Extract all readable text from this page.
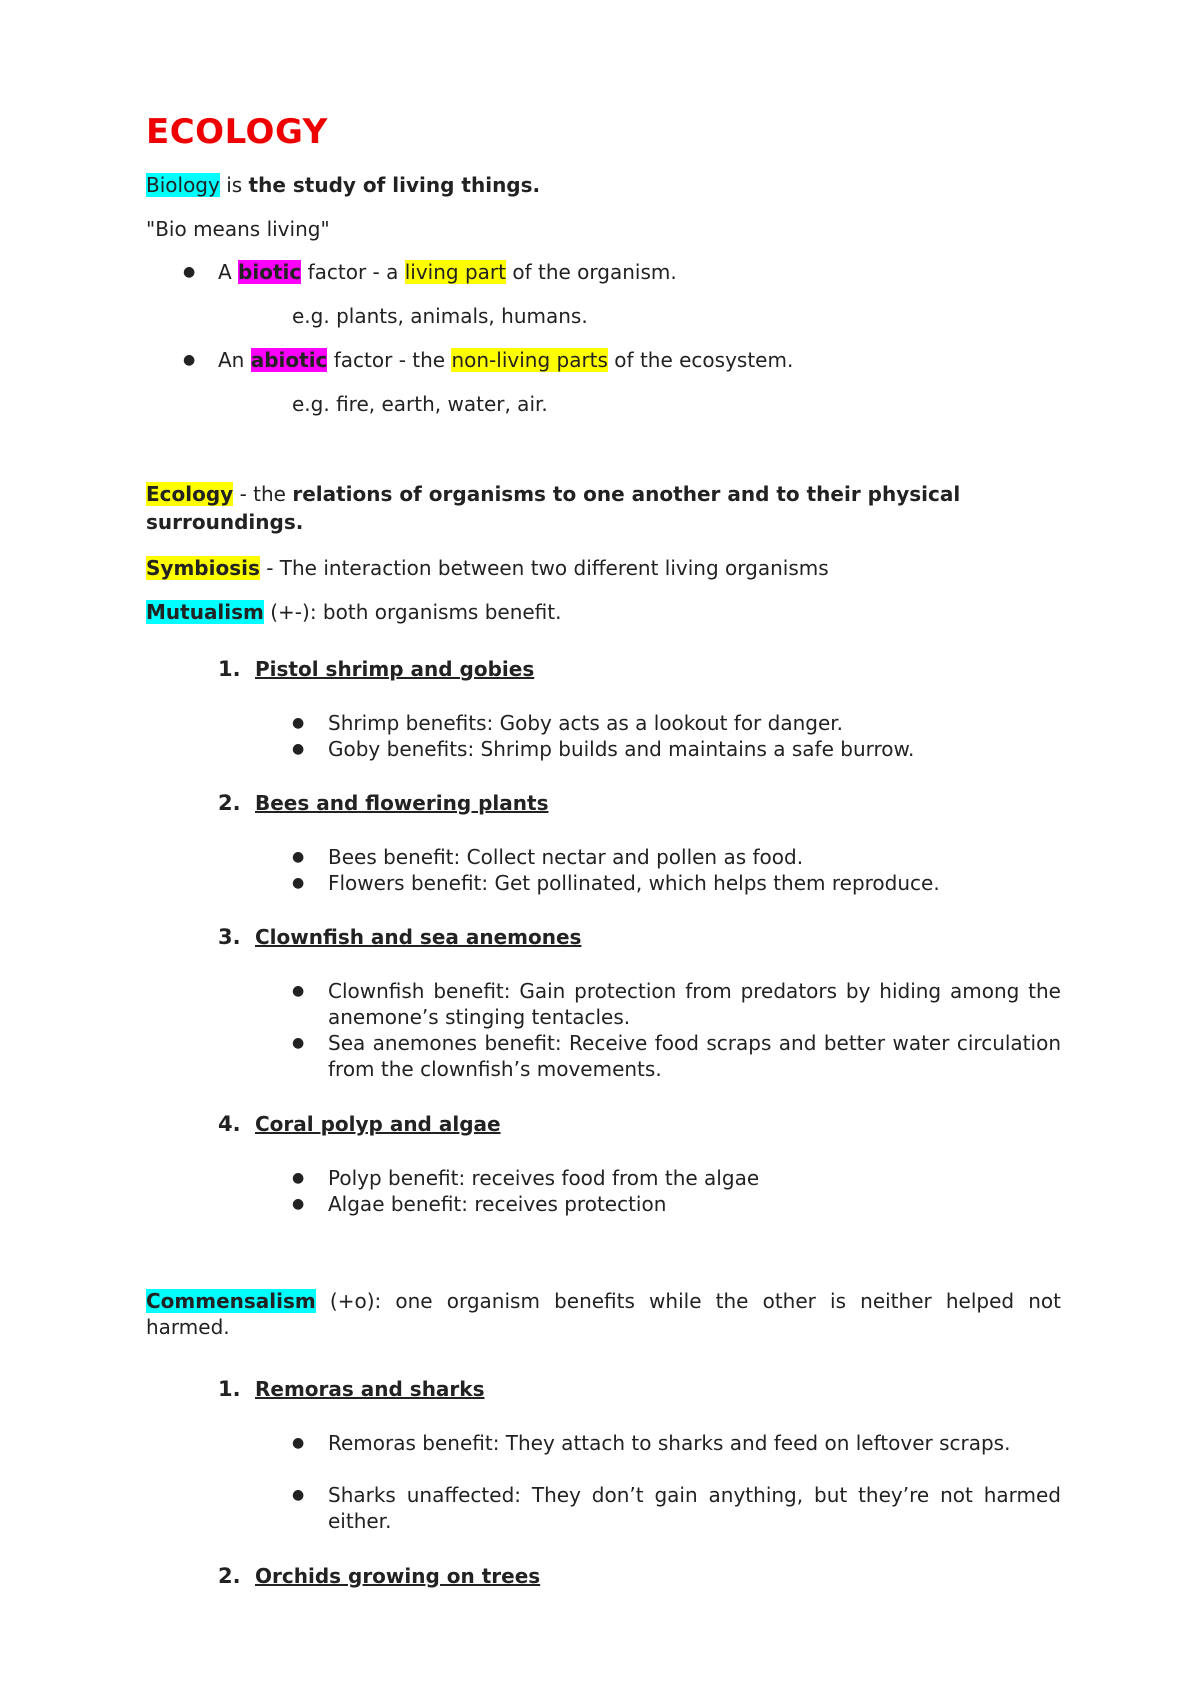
ECOLOGY
Biology is the study of living things.
"Bio means living"
● A biotic factor - a living part of the organism.
e.g. plants, animals, humans.
● An abiotic factor - the non-living parts of the ecosystem.
e.g. fire, earth, water, air.
Ecology - the relations of organisms to one another and to their physical
surroundings.
Symbiosis - The interaction between two different living organisms
Mutualism (+-): both organisms benefit.
1. Pistol shrimp and gobies
● Shrimp benefits: Goby acts as a lookout for danger.
● Goby benefits: Shrimp builds and maintains a safe burrow.
2. Bees and flowering plants
● Bees benefit: Collect nectar and pollen as food.
● Flowers benefit: Get pollinated, which helps them reproduce.
3. Clownfish and sea anemones
● Clownfish benefit: Gain protection from predators by hiding among the anemone’s stinging tentacles.
● Sea anemones benefit: Receive food scraps and better water circulation from the clownfish’s movements.
4. Coral polyp and algae
● Polyp benefit: receives food from the algae
● Algae benefit: receives protection
Commensalism (+o): one organism benefits while the other is neither helped not harmed.
1. Remoras and sharks
● Remoras benefit: They attach to sharks and feed on leftover scraps.
● Sharks unaffected: They don’t gain anything, but they’re not harmed either.
2. Orchids growing on trees
